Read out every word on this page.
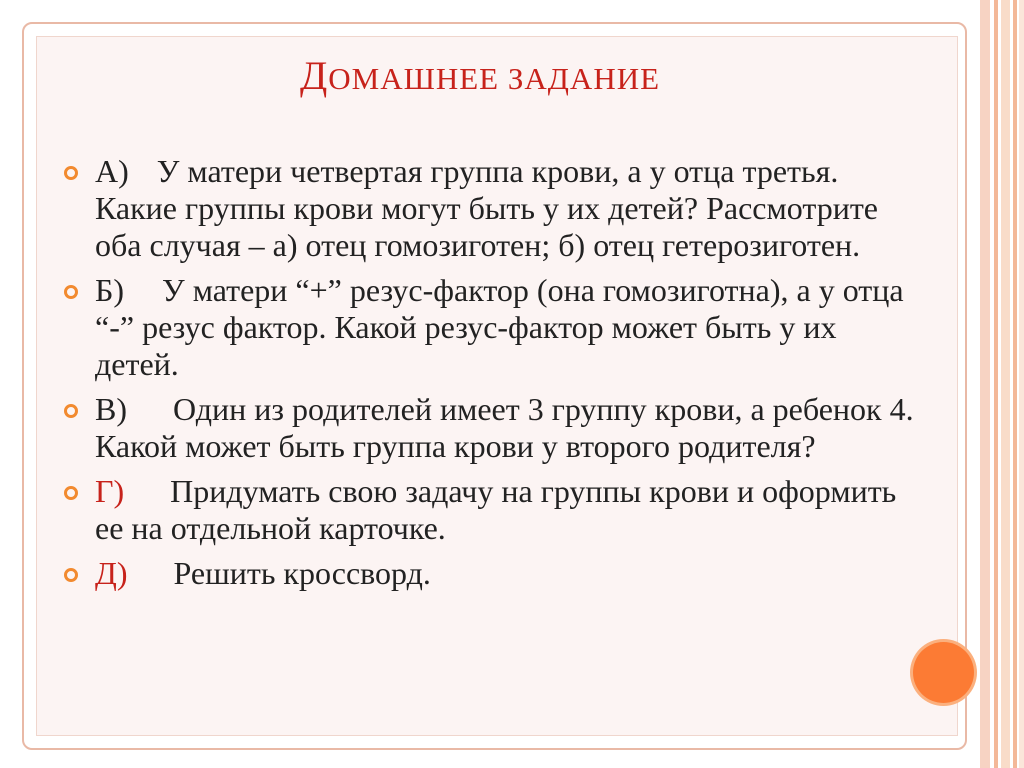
ДОМАШНЕЕ ЗАДАНИЕ
А) У матери четвертая группа крови, а у отца третья. Какие группы крови могут быть у их детей? Рассмотрите оба случая – а) отец гомозиготен; б) отец гетерозиготен.
Б) У матери “+” резус-фактор (она гомозиготна), а у отца “-” резус фактор. Какой резус-фактор может быть у их детей.
В) Один из родителей имеет 3 группу крови, а ребенок 4. Какой может быть группа крови у второго родителя?
Г) Придумать свою задачу на группы крови и оформить ее на отдельной карточке.
Д) Решить кроссворд.
